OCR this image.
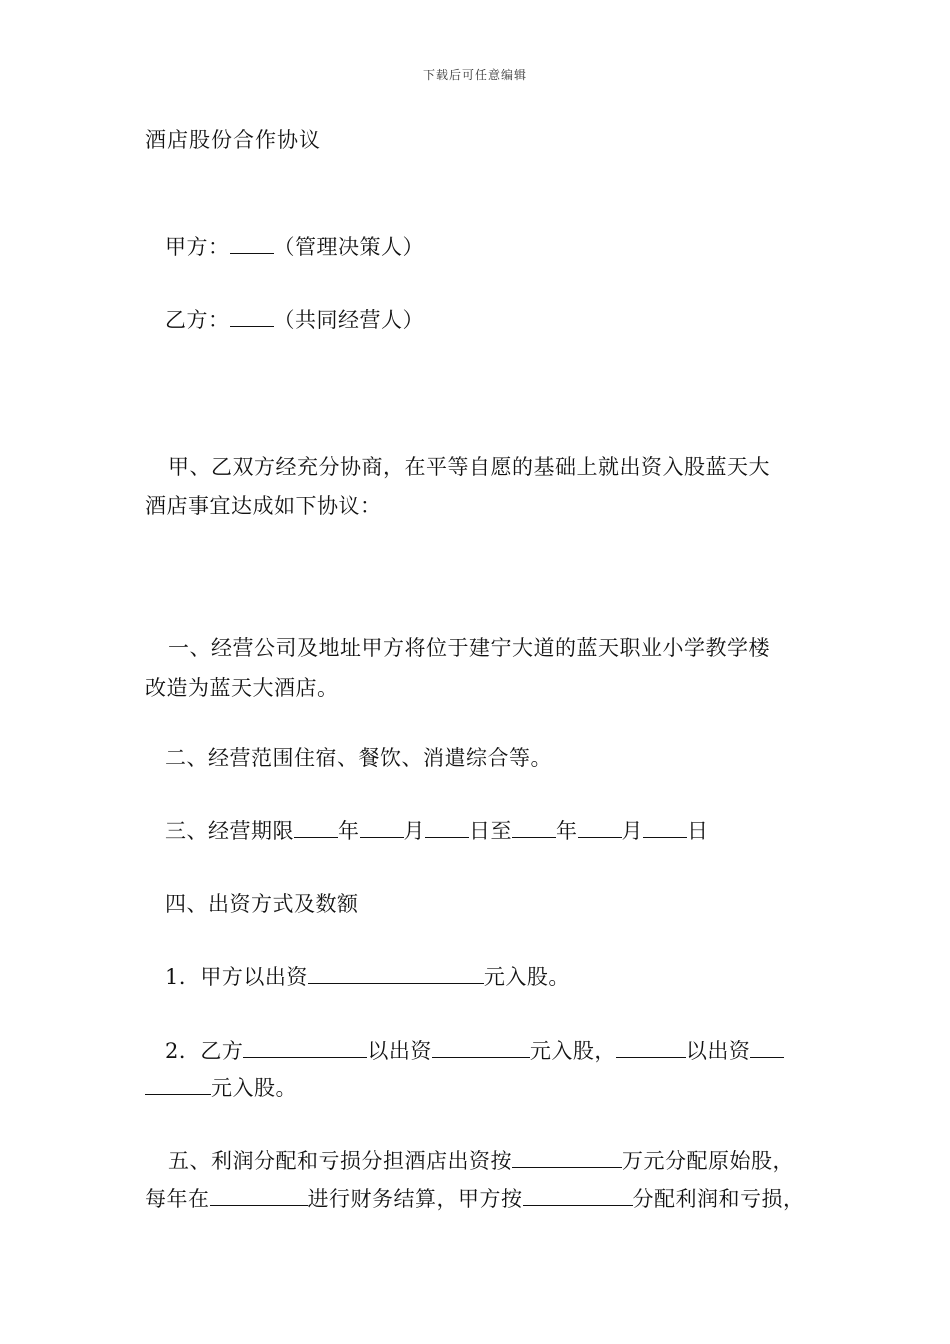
下载后可任意编辑
酒店股份合作协议
甲方： （管理决策人）
乙方： （共同经营人）
甲、乙双方经充分协商，在平等自愿的基础上就出资入股蓝天大
酒店事宜达成如下协议：
一、经营公司及地址甲方将位于建宁大道的蓝天职业小学教学楼
改造为蓝天大酒店。
二、经营范围住宿、餐饮、消遣综合等。
三、经营期限 年 月 日至 年 月 日
四、出资方式及数额
1．甲方以出资	元入股。
2．乙方	以出资	元入股，	以出资
元入股。
五、利润分配和亏损分担酒店出资按	万元分配原始股，
每年在	进行财务结算，甲方按	分配利润和亏损，
